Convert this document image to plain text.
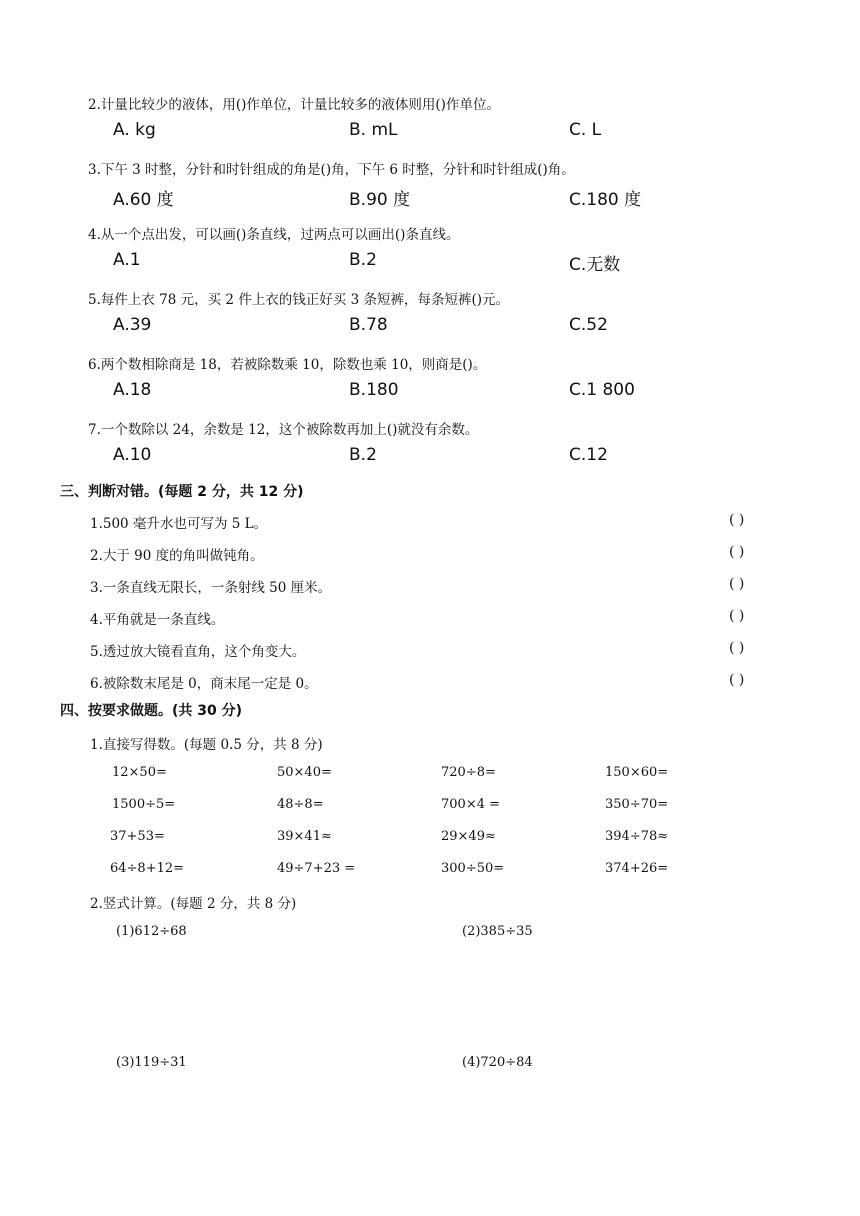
2.计量比较少的液体，用()作单位，计量比较多的液体则用()作单位。
A. kg	B. mL	C. L
3.下午 3 时整，分针和时针组成的角是()角，下午 6 时整，分针和时针组成()角。
A.60 度	B.90 度	C.180 度
4.从一个点出发，可以画()条直线，过两点可以画出()条直线。
A.1	B.2	C.无数
5.每件上衣 78 元，买 2 件上衣的钱正好买 3 条短裤，每条短裤()元。
A.39	B.78	C.52
6.两个数相除商是 18，若被除数乘 10，除数也乘 10，则商是()。
A.18	B.180	C.1 800
7.一个数除以 24，余数是 12，这个被除数再加上()就没有余数。
A.10	B.2	C.12
三、判断对错。(每题 2 分，共 12 分)
1.500 毫升水也可写为 5 L。	( )
2.大于 90 度的角叫做钝角。	( )
3.一条直线无限长，一条射线 50 厘米。	( )
4.平角就是一条直线。	( )
5.透过放大镜看直角，这个角变大。	( )
6.被除数末尾是 0，商末尾一定是 0。	( )
四、按要求做题。(共 30 分)
1.直接写得数。(每题 0.5 分，共 8 分)
12×50=	50×40=	720÷8=	150×60=
1500÷5=	48÷8=	700×4 =	350÷70=
37+53=	39×41≈	29×49≈	394÷78≈
64÷8+12=	49÷7+23 =	300÷50=	374+26=
2.竖式计算。(每题 2 分，共 8 分)
(1)612÷68	(2)385÷35
(3)119÷31	(4)720÷84
